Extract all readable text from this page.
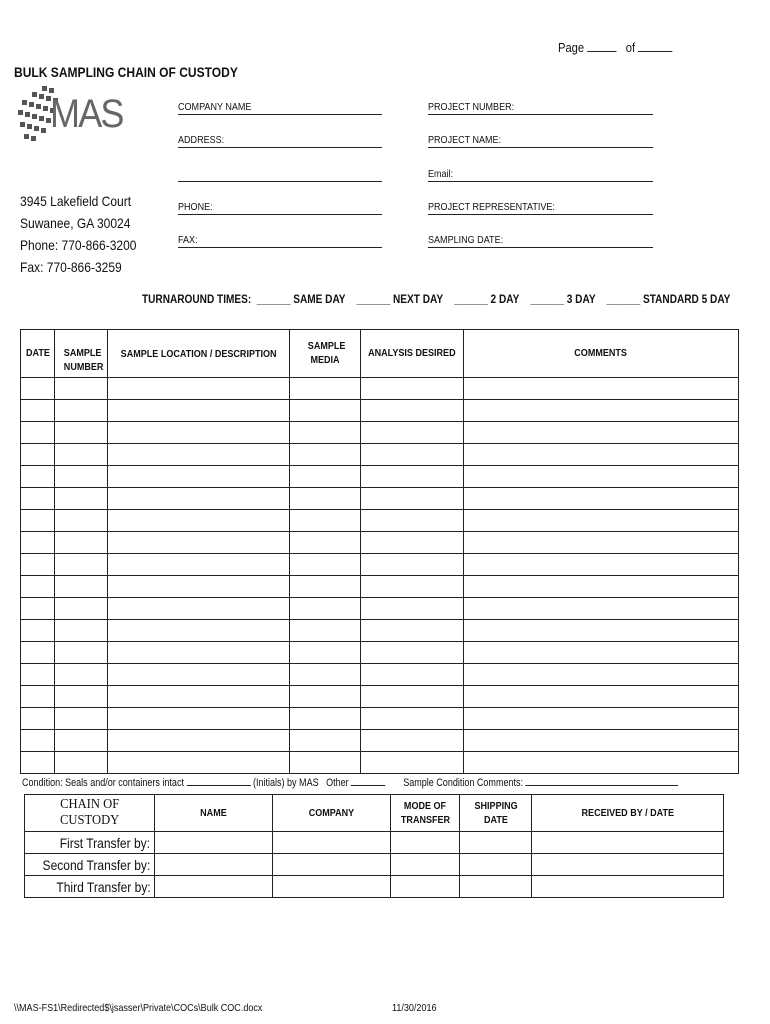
Page	of
BULK SAMPLING CHAIN OF CUSTODY
MAS
3945 Lakefield Court
Suwanee, GA 30024
Phone: 770-866-3200
Fax: 770-866-3259
COMPANY NAME	PROJECT NUMBER:
ADDRESS:	PROJECT NAME:
Email:
PHONE:	PROJECT REPRESENTATIVE:
FAX:	SAMPLING DATE:
TURNAROUND TIMES: ______ SAME DAY ______ NEXT DAY ______ 2 DAY ______ 3 DAY ______ STANDARD 5 DAY
DATE	SAMPLE NUMBER	SAMPLE LOCATION / DESCRIPTION	SAMPLE MEDIA	ANALYSIS DESIRED	COMMENTS

Condition: Seals and/or containers intact	(Initials) by MAS Other	Sample Condition Comments:
CHAIN OF CUSTODY	NAME	COMPANY	MODE OF TRANSFER	SHIPPING DATE	RECEIVED BY / DATE
First Transfer by:					
Second Transfer by:					
Third Transfer by:					
\\MAS-FS1\Redirected$\jsasser\Private\COCs\Bulk COC.docx	11/30/2016
